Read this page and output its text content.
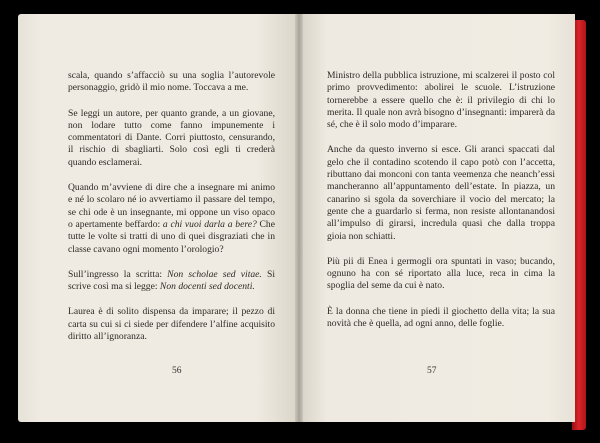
scala, quando s’affacciò su una soglia l’autorevole personaggio, gridò il mio nome. Toccava a me.

Se leggi un autore, per quanto grande, a un giovane, non lodare tutto come fanno impunemente i commentatori di Dante. Corri piuttosto, censurando, il rischio di sbagliarti. Solo così egli ti crederà quando esclamerai.

Quando m’avviene di dire che a insegnare mi animo e né lo scolaro né io avvertiamo il passare del tempo, se chi ode è un insegnante, mi oppone un viso opaco o apertamente beffardo: a chi vuoi darla a bere? Che tutte le volte si tratti di uno di quei disgraziati che in classe cavano ogni momento l’orologio?

Sull’ingresso la scritta: Non scholae sed vitae. Si scrive così ma si legge: Non docenti sed docenti.

Laurea è di solito dispensa da imparare; il pezzo di carta su cui si ci siede per difendere l’alfine acquisito diritto all’ignoranza.

56

Ministro della pubblica istruzione, mi scalzerei il posto col primo provvedimento: abolirei le scuole. L’istruzione tornerebbe a essere quello che è: il privilegio di chi lo merita. Il quale non avrà bisogno d’insegnanti: imparerà da sé, che è il solo modo d’imparare.

Anche da questo inverno si esce. Gli aranci spaccati dal gelo che il contadino scotendo il capo potò con l’accetta, ributtano dai monconi con tanta veemenza che neanch’essi mancheranno all’appuntamento dell’estate. In piazza, un canarino si sgola da soverchiare il vocìo del mercato; la gente che a guardarlo si ferma, non resiste allontanandosi all’impulso di girarsi, incredula quasi che dalla troppa gioia non schiatti.

Più pii di Enea i germogli ora spuntati in vaso; bucando, ognuno ha con sé riportato alla luce, reca in cima la spoglia del seme da cui è nato.

È la donna che tiene in piedi il giochetto della vita; la sua novità che è quella, ad ogni anno, delle foglie.

57
